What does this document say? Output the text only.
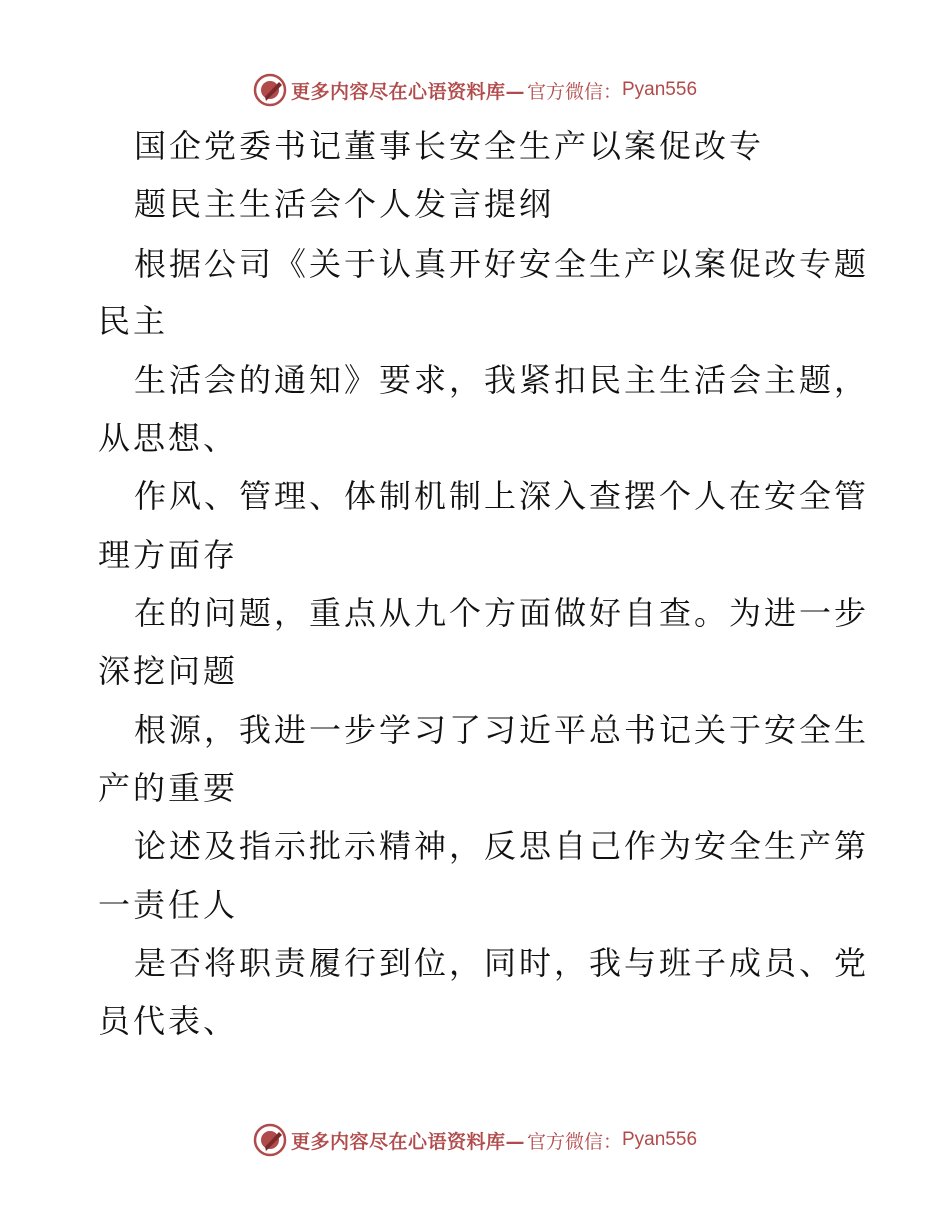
更多内容尽在心语资料库— 官方微信： Pyan556
国企党委书记董事长安全生产以案促改专
题民主生活会个人发言提纲
根据公司《关于认真开好安全生产以案促改专题
民主
生活会的通知》要求，我紧扣民主生活会主题，
从思想、
作风、管理、体制机制上深入查摆个人在安全管
理方面存
在的问题，重点从九个方面做好自查。为进一步
深挖问题
根源，我进一步学习了习近平总书记关于安全生
产的重要
论述及指示批示精神，反思自己作为安全生产第
一责任人
是否将职责履行到位，同时，我与班子成员、党
员代表、
更多内容尽在心语资料库— 官方微信： Pyan556
